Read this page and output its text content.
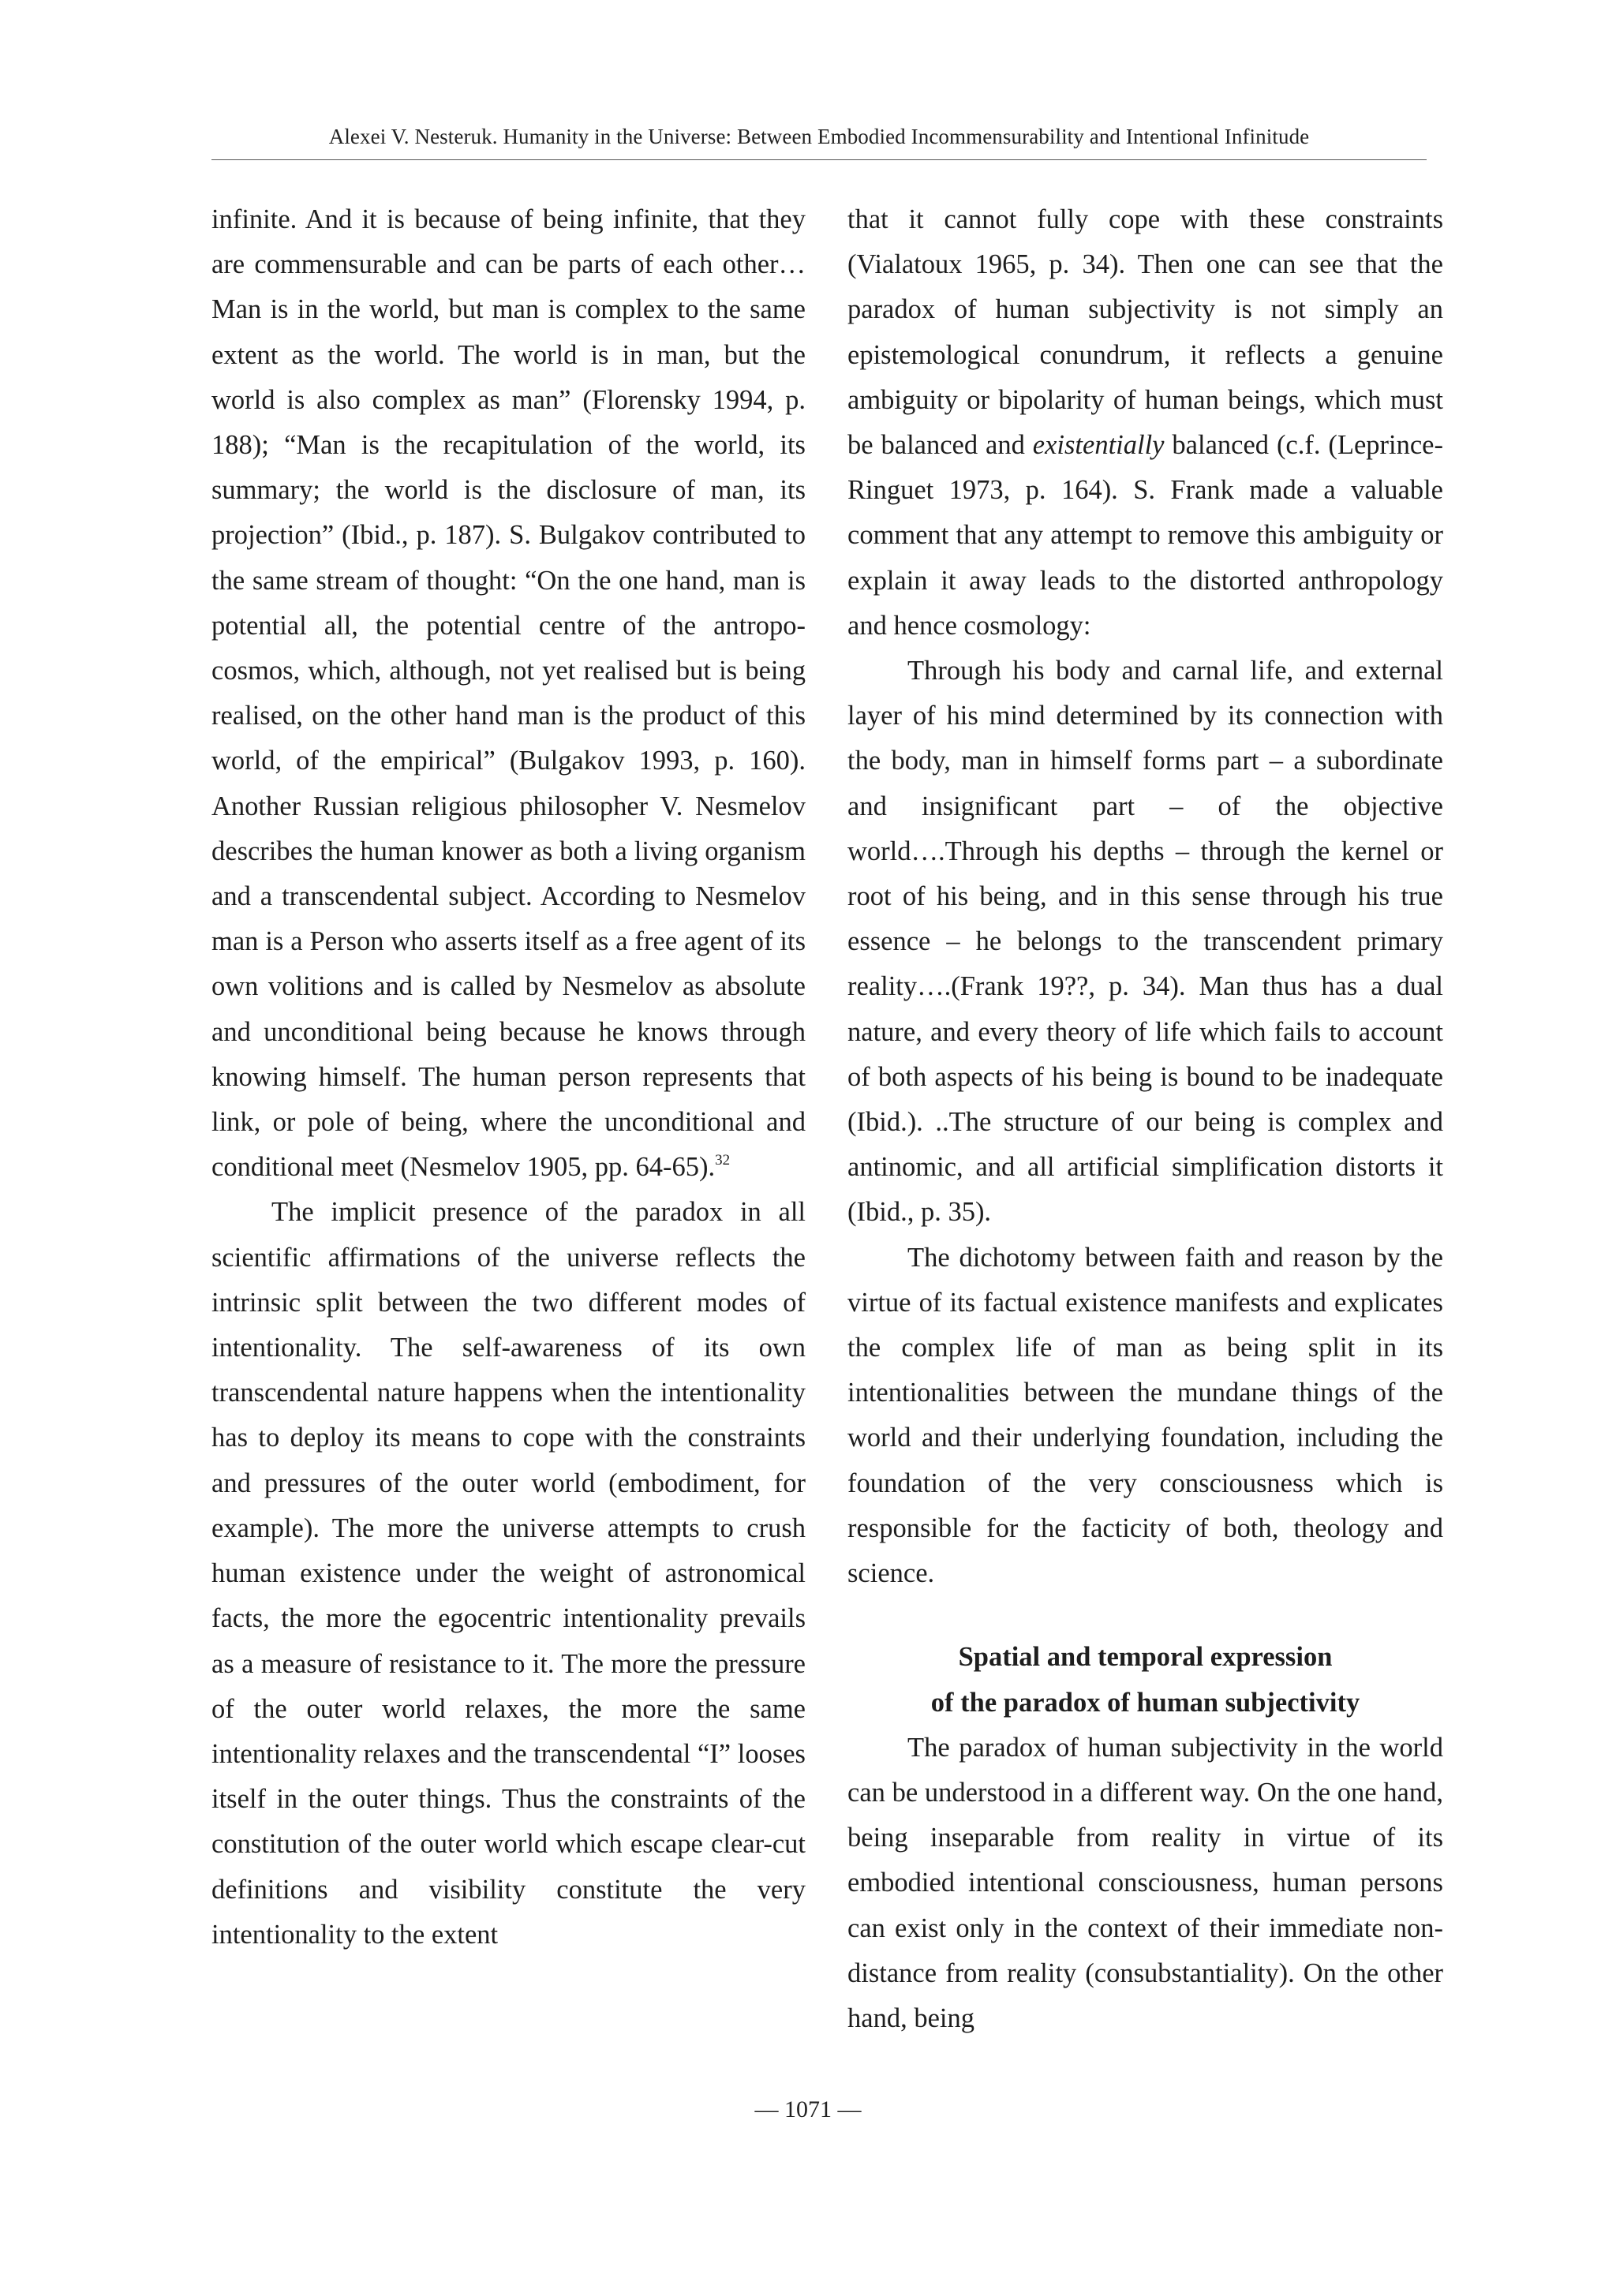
Alexei V. Nesteruk. Humanity in the Universe: Between Embodied Incommensurability and Intentional Infinitude

infinite. And it is because of being infinite, that they are commensurable and can be parts of each other…Man is in the world, but man is complex to the same extent as the world. The world is in man, but the world is also complex as man” (Florensky 1994, p. 188); “Man is the recapitulation of the world, its summary; the world is the disclosure of man, its projection” (Ibid., p. 187). S. Bulgakov contributed to the same stream of thought: “On the one hand, man is potential all, the potential centre of the antropo-cosmos, which, although, not yet realised but is being realised, on the other hand man is the product of this world, of the empirical” (Bulgakov 1993, p. 160). Another Russian religious philosopher V. Nesmelov describes the human knower as both a living organism and a transcendental subject. According to Nesmelov man is a Person who asserts itself as a free agent of its own volitions and is called by Nesmelov as absolute and unconditional being because he knows through knowing himself. The human person represents that link, or pole of being, where the unconditional and conditional meet (Nesmelov 1905, pp. 64-65).$^{32}$

The implicit presence of the paradox in all scientific affirmations of the universe reflects the intrinsic split between the two different modes of intentionality. The self-awareness of its own transcendental nature happens when the intentionality has to deploy its means to cope with the constraints and pressures of the outer world (embodiment, for example). The more the universe attempts to crush human existence under the weight of astronomical facts, the more the egocentric intentionality prevails as a measure of resistance to it. The more the pressure of the outer world relaxes, the more the same intentionality relaxes and the transcendental “I” looses itself in the outer things. Thus the constraints of the constitution of the outer world which escape clear-cut definitions and visibility constitute the very intentionality to the extent

that it cannot fully cope with these constraints (Vialatoux 1965, p. 34). Then one can see that the paradox of human subjectivity is not simply an epistemological conundrum, it reflects a genuine ambiguity or bipolarity of human beings, which must be balanced and existentially balanced (c.f. (Leprince-Ringuet 1973, p. 164). S. Frank made a valuable comment that any attempt to remove this ambiguity or explain it away leads to the distorted anthropology and hence cosmology:

Through his body and carnal life, and external layer of his mind determined by its connection with the body, man in himself forms part – a subordinate and insignificant part – of the objective world….Through his depths – through the kernel or root of his being, and in this sense through his true essence – he belongs to the transcendent primary reality….(Frank 19??, p. 34). Man thus has a dual nature, and every theory of life which fails to account of both aspects of his being is bound to be inadequate (Ibid.). ..The structure of our being is complex and antinomic, and all artificial simplification distorts it (Ibid., p. 35).

The dichotomy between faith and reason by the virtue of its factual existence manifests and explicates the complex life of man as being split in its intentionalities between the mundane things of the world and their underlying foundation, including the foundation of the very consciousness which is responsible for the facticity of both, theology and science.

Spatial and temporal expression
of the paradox of human subjectivity

The paradox of human subjectivity in the world can be understood in a different way. On the one hand, being inseparable from reality in virtue of its embodied intentional consciousness, human persons can exist only in the context of their immediate non-distance from reality (consubstantiality). On the other hand, being

— 1071 —
